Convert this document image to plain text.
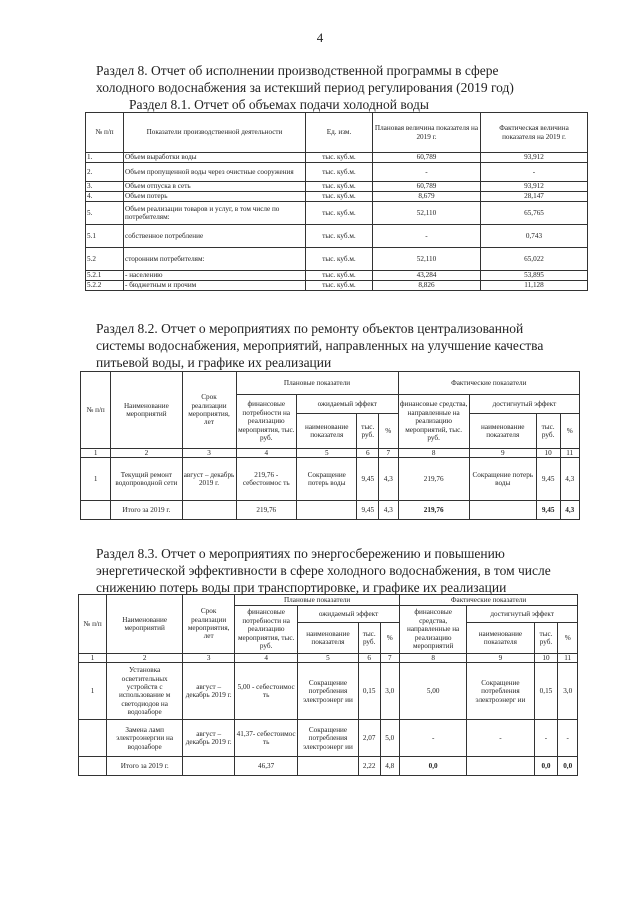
4
Раздел 8. Отчет об исполнении производственной программы в сфере
холодного водоснабжения за истекший период регулирования (2019 год)
Раздел 8.1. Отчет об объемах подачи холодной воды
№ п/п	Показатели производственной деятельности	Ед. изм.	Плановая величина показателя на 2019 г.	Фактическая величина показателя на 2019 г.
1.	Объем выработки воды	тыс. куб.м.	60,789	93,912
2.	Объем пропущенной воды через очистные сооружения	тыс. куб.м.	-	-
3.	Объем отпуска в сеть	тыс. куб.м.	60,789	93,912
4.	Объем потерь	тыс. куб.м.	8,679	28,147
5.	Объем реализации товаров и услуг, в том числе по потребителям:	тыс. куб.м.	52,110	65,765
5.1	собственное потребление	тыс. куб.м.	-	0,743
5.2	сторонним потребителям:	тыс. куб.м.	52,110	65,022
5.2.1	- населению	тыс. куб.м.	43,284	53,895
5.2.2	- бюджетным и прочим	тыс. куб.м.	8,826	11,128
Раздел 8.2. Отчет о мероприятиях по ремонту объектов централизованной
системы водоснабжения, мероприятий, направленных на улучшение качества
питьевой воды, и графике их реализации
№ п/п	Наименование мероприятий	Срок реализации мероприятия, лет	Плановые показатели				Фактические показатели			
			финансовые потребности на реализацию мероприятия, тыс. руб.	ожидаемый эффект			финансовые средства, направленные на реализацию мероприятий, тыс. руб.	достигнутый эффект		
				наименование показателя	тыс. руб.	%		наименование показателя	тыс. руб.	%
1	2	3	4	5	6	7	8	9	10	11
1	Текущий ремонт водопроводной сети	август – декабрь 2019 г.	219,76 - себестоимос ть	Сокращение потерь воды	9,45	4,3	219,76	Сокращение потерь воды	9,45	4,3
	Итого за 2019 г.		219,76		9,45	4,3	219,76		9,45	4,3
Раздел 8.3. Отчет о мероприятиях по энергосбережению и повышению
энергетической эффективности в сфере холодного водоснабжения, в том числе
снижению потерь воды при транспортировке, и графике их реализации
№ п/п	Наименование мероприятий	Срок реализации мероприятия, лет	Плановые показатели				Фактические показатели			
			финансовые потребности на реализацию мероприятия, тыс. руб.	ожидаемый эффект			финансовые средства, направленные на реализацию мероприятий	достигнутый эффект		
				наименование показателя	тыс. руб.	%		наименование показателя	тыс. руб.	%
1	2	3	4	5	6	7	8	9	10	11
1	Установка осветительных устройств с использование м светодиодов на водозаборе	август – декабрь 2019 г.	5,00 - себестоимос ть	Сокращение потребления электроэнерг ии	0,15	3,0	5,00	Сокращение потребления электроэнерг ии	0,15	3,0
	Замена ламп электроэнергии на водозаборе	август – декабрь 2019 г.	41,37- себестоимос ть	Сокращение потребления электроэнерг ии	2,07	5,0	-	-	-	-
	Итого за 2019 г.		46,37		2,22	4,8	0,0		0,0	0,0
